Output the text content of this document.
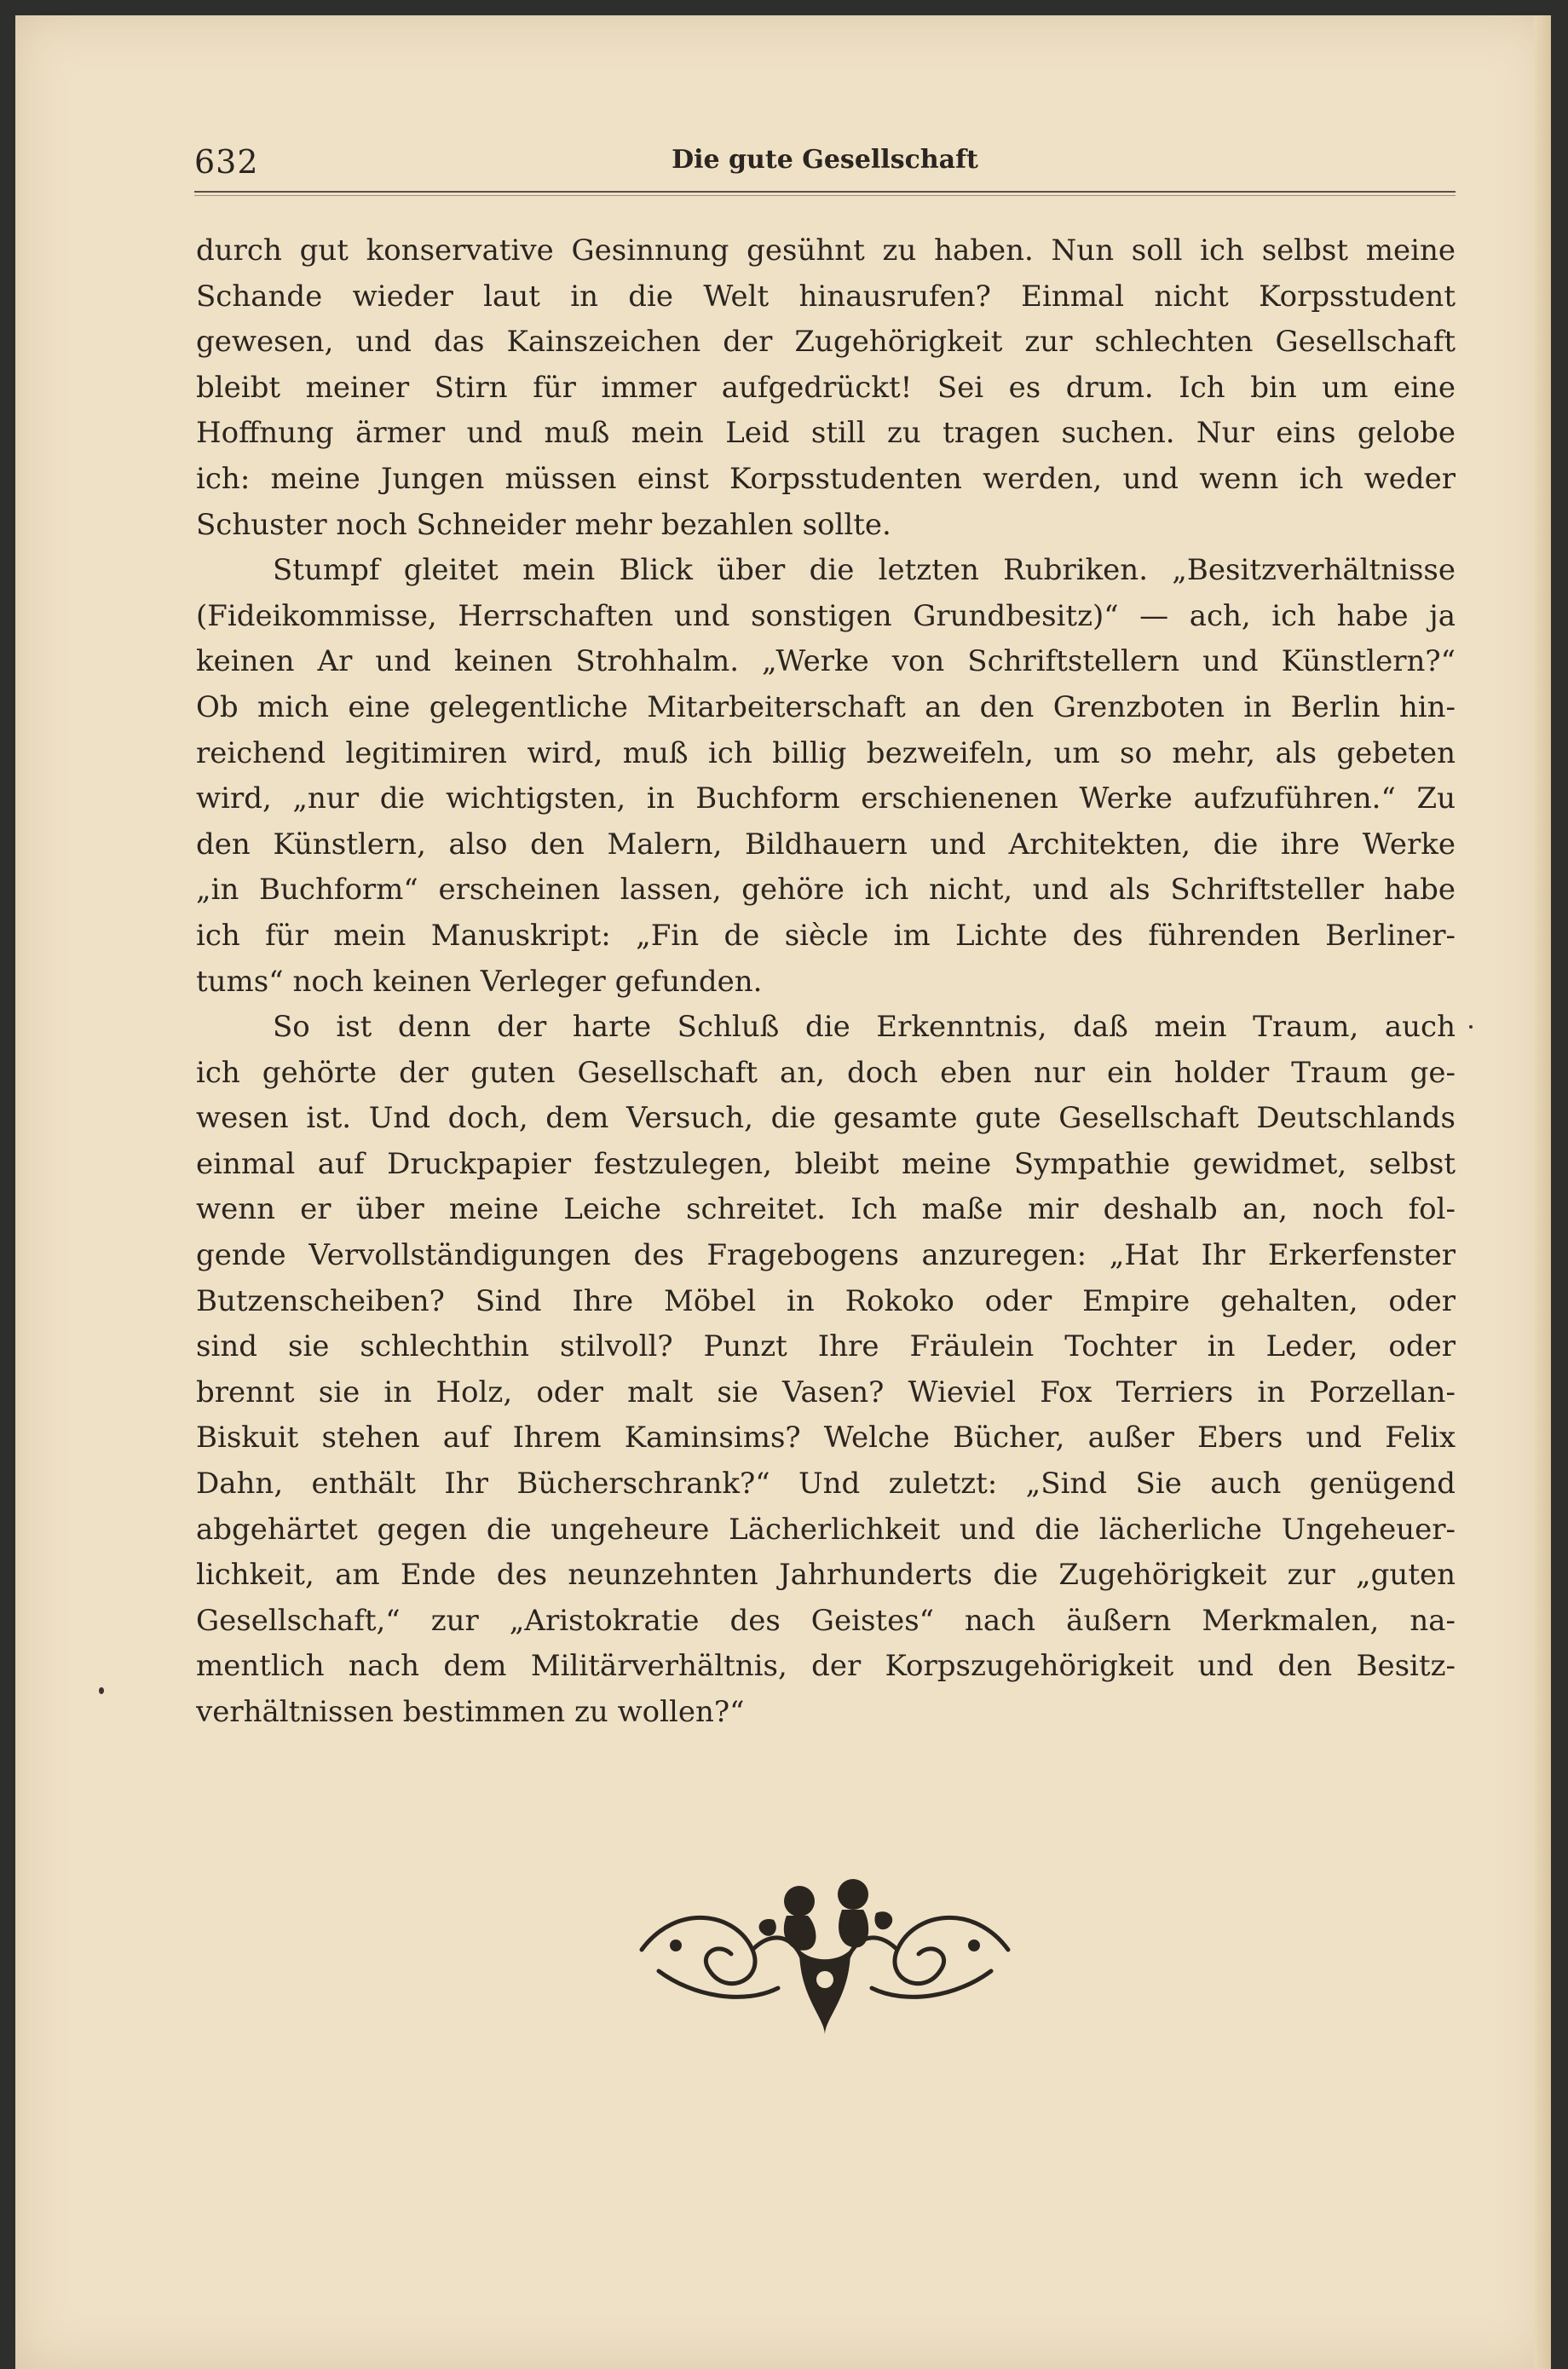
632	Die gute Gesellschaft
durch gut konservative Gesinnung gesühnt zu haben. Nun soll ich selbst meine
Schande wieder laut in die Welt hinausrufen? Einmal nicht Korpsstudent
gewesen, und das Kainszeichen der Zugehörigkeit zur schlechten Gesellschaft
bleibt meiner Stirn für immer aufgedrückt! Sei es drum. Ich bin um eine
Hoffnung ärmer und muß mein Leid still zu tragen suchen. Nur eins gelobe
ich: meine Jungen müssen einst Korpsstudenten werden, und wenn ich weder
Schuster noch Schneider mehr bezahlen sollte.
Stumpf gleitet mein Blick über die letzten Rubriken. „Besitzverhältnisse
(Fideikommisse, Herrschaften und sonstigen Grundbesitz)“ — ach, ich habe ja
keinen Ar und keinen Strohhalm. „Werke von Schriftstellern und Künstlern?“
Ob mich eine gelegentliche Mitarbeiterschaft an den Grenzboten in Berlin hin-
reichend legitimiren wird, muß ich billig bezweifeln, um so mehr, als gebeten
wird, „nur die wichtigsten, in Buchform erschienenen Werke aufzuführen.“ Zu
den Künstlern, also den Malern, Bildhauern und Architekten, die ihre Werke
„in Buchform“ erscheinen lassen, gehöre ich nicht, und als Schriftsteller habe
ich für mein Manuskript: „Fin de siècle im Lichte des führenden Berliner-
tums“ noch keinen Verleger gefunden.
So ist denn der harte Schluß die Erkenntnis, daß mein Traum, auch
ich gehörte der guten Gesellschaft an, doch eben nur ein holder Traum ge-
wesen ist. Und doch, dem Versuch, die gesamte gute Gesellschaft Deutschlands
einmal auf Druckpapier festzulegen, bleibt meine Sympathie gewidmet, selbst
wenn er über meine Leiche schreitet. Ich maße mir deshalb an, noch fol-
gende Vervollständigungen des Fragebogens anzuregen: „Hat Ihr Erkerfenster
Butzenscheiben? Sind Ihre Möbel in Rokoko oder Empire gehalten, oder
sind sie schlechthin stilvoll? Punzt Ihre Fräulein Tochter in Leder, oder
brennt sie in Holz, oder malt sie Vasen? Wieviel Fox Terriers in Porzellan-
Biskuit stehen auf Ihrem Kaminsims? Welche Bücher, außer Ebers und Felix
Dahn, enthält Ihr Bücherschrank?“ Und zuletzt: „Sind Sie auch genügend
abgehärtet gegen die ungeheure Lächerlichkeit und die lächerliche Ungeheuer-
lichkeit, am Ende des neunzehnten Jahrhunderts die Zugehörigkeit zur „guten
Gesellschaft,“ zur „Aristokratie des Geistes“ nach äußern Merkmalen, na-
mentlich nach dem Militärverhältnis, der Korpszugehörigkeit und den Besitz-
verhältnissen bestimmen zu wollen?“
